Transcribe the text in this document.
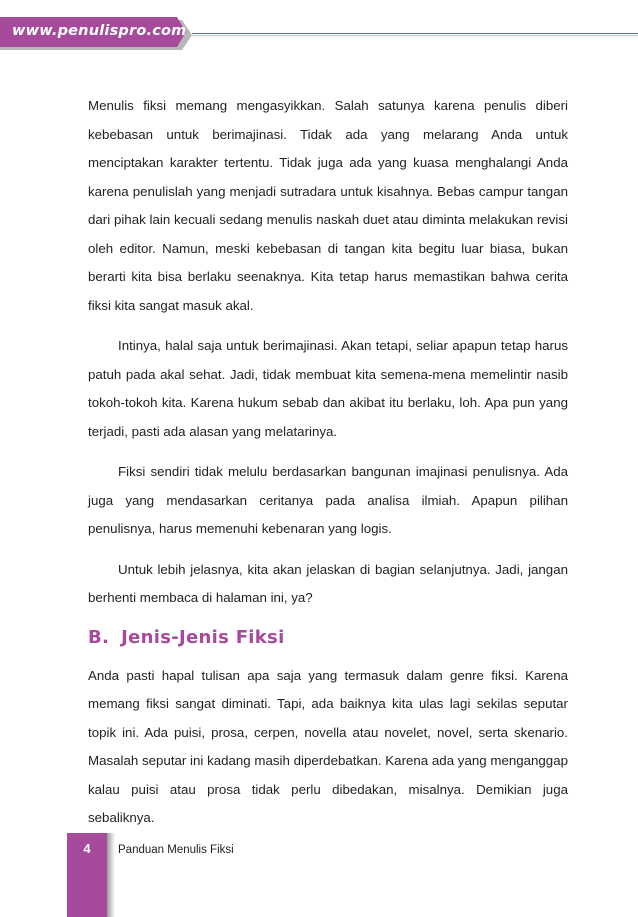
www.penulispro.com

Menulis fiksi memang mengasyikkan. Salah satunya karena penulis diberi kebebasan untuk berimajinasi. Tidak ada yang melarang Anda untuk menciptakan karakter tertentu. Tidak juga ada yang kuasa menghalangi Anda karena penulislah yang menjadi sutradara untuk kisahnya. Bebas campur tangan dari pihak lain kecuali sedang menulis naskah duet atau diminta melakukan revisi oleh editor. Namun, meski kebebasan di tangan kita begitu luar biasa, bukan berarti kita bisa berlaku seenaknya. Kita tetap harus memastikan bahwa cerita fiksi kita sangat masuk akal.

Intinya, halal saja untuk berimajinasi. Akan tetapi, seliar apapun tetap harus patuh pada akal sehat. Jadi, tidak membuat kita semena-mena memelintir nasib tokoh-tokoh kita. Karena hukum sebab dan akibat itu berlaku, loh. Apa pun yang terjadi, pasti ada alasan yang melatarinya.

Fiksi sendiri tidak melulu berdasarkan bangunan imajinasi penulisnya. Ada juga yang mendasarkan ceritanya pada analisa ilmiah. Apapun pilihan penulisnya, harus memenuhi kebenaran yang logis.

Untuk lebih jelasnya, kita akan jelaskan di bagian selanjutnya. Jadi, jangan berhenti membaca di halaman ini, ya?

B. Jenis-Jenis Fiksi

Anda pasti hapal tulisan apa saja yang termasuk dalam genre fiksi. Karena memang fiksi sangat diminati. Tapi, ada baiknya kita ulas lagi sekilas seputar topik ini. Ada puisi, prosa, cerpen, novella atau novelet, novel, serta skenario. Masalah seputar ini kadang masih diperdebatkan. Karena ada yang menganggap kalau puisi atau prosa tidak perlu dibedakan, misalnya. Demikian juga sebaliknya.

4	Panduan Menulis Fiksi
